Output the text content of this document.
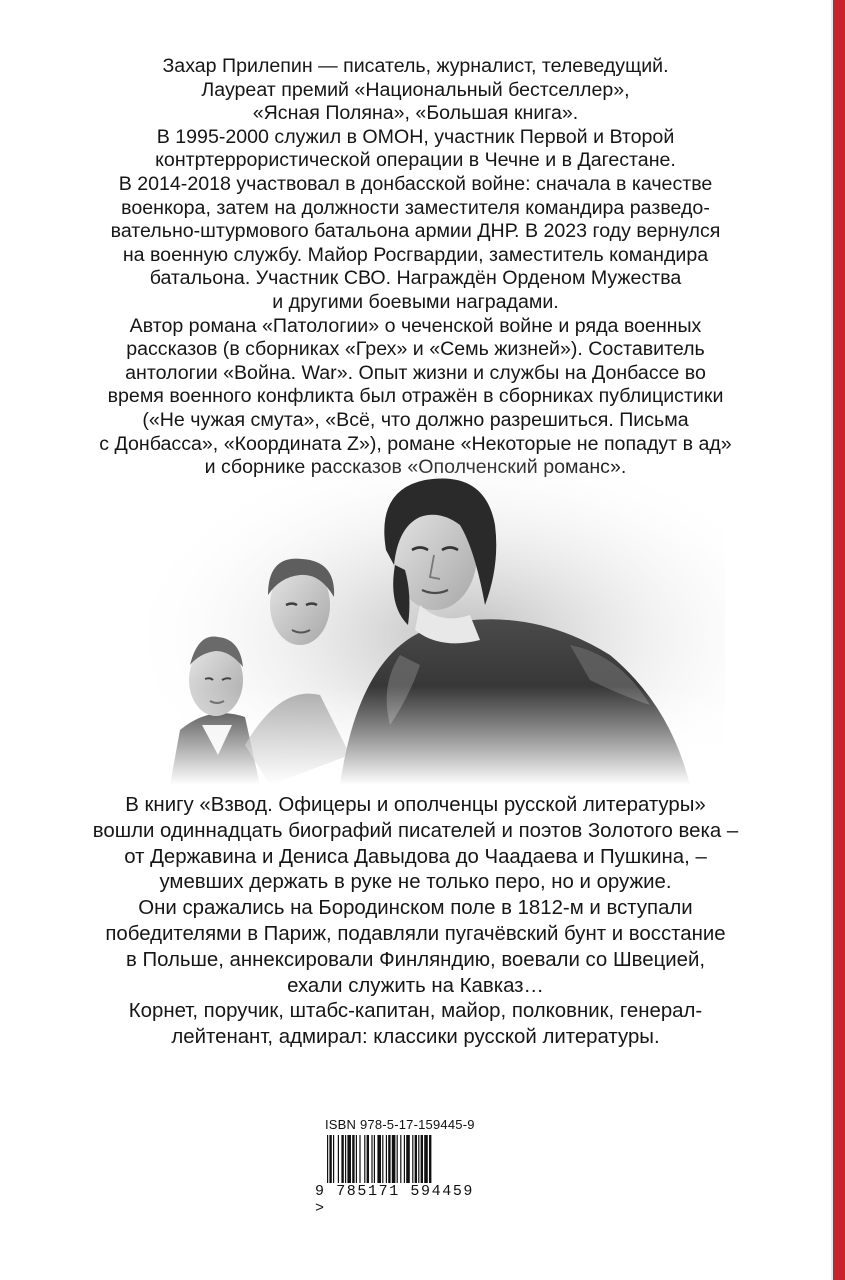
Захар Прилепин — писатель, журналист, телеведущий.
Лауреат премий «Национальный бестселлер»,
«Ясная Поляна», «Большая книга».
В 1995-2000 служил в ОМОН, участник Первой и Второй
контртеррористической операции в Чечне и в Дагестане.
В 2014-2018 участвовал в донбасской войне: сначала в качестве
военкора, затем на должности заместителя командира разведо-
вательно-штурмового батальона армии ДНР. В 2023 году вернулся
на военную службу. Майор Росгвардии, заместитель командира
батальона. Участник СВО. Награждён Орденом Мужества
и другими боевыми наградами.
Автор романа «Патологии» о чеченской войне и ряда военных
рассказов (в сборниках «Грех» и «Семь жизней»). Составитель
антологии «Война. War». Опыт жизни и службы на Донбассе во
время военного конфликта был отражён в сборниках публицистики
(«Не чужая смута», «Всё, что должно разрешиться. Письма
с Донбасса», «Координата Z»), романе «Некоторые не попадут в ад»
В книгу «Взвод. Офицеры и ополченцы русской литературы»
вошли одиннадцать биографий писателей и поэтов Золотого века –
от Державина и Дениса Давыдова до Чаадаева и Пушкина, –
умевших держать в руке не только перо, но и оружие.
Они сражались на Бородинском поле в 1812-м и вступали
победителями в Париж, подавляли пугачёвский бунт и восстание
в Польше, аннексировали Финляндию, воевали со Швецией,
ехали служить на Кавказ…
Корнет, поручик, штабс-капитан, майор, полковник, генерал-
лейтенант, адмирал: классики русской литературы.
ISBN 978-5-17-159445-9
9 785171 594459 >
